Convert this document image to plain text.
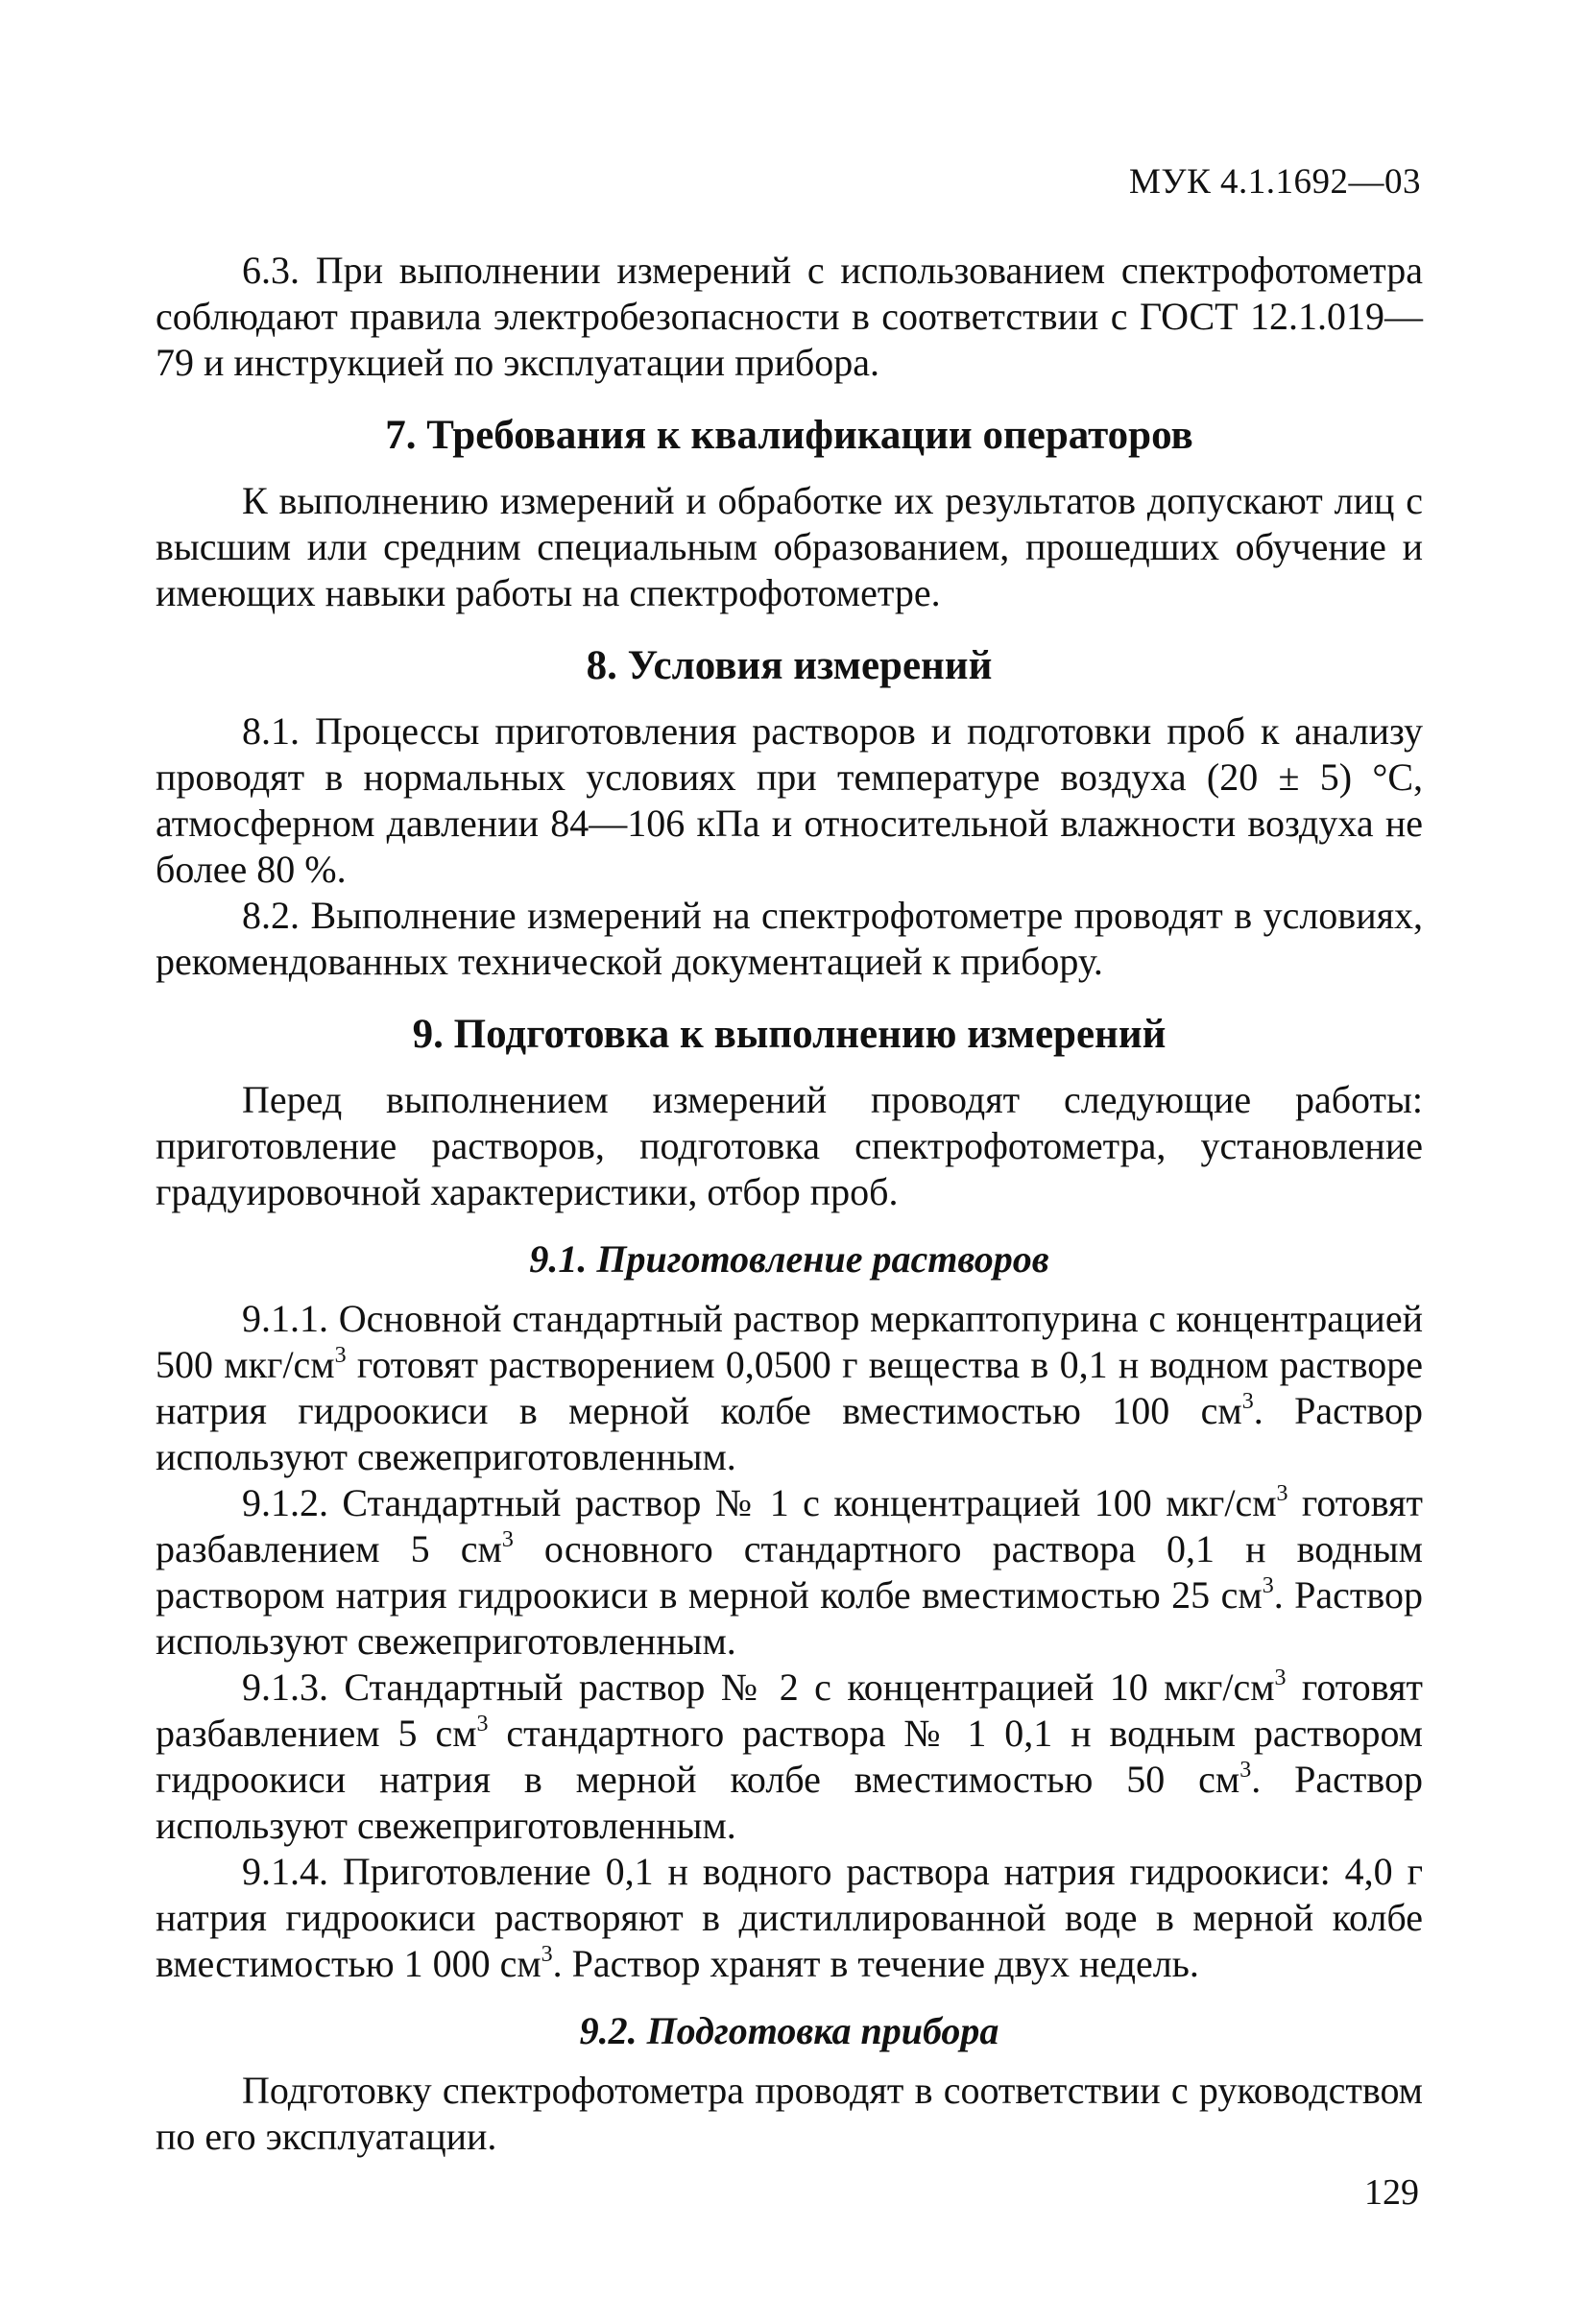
МУК 4.1.1692—03

6.3. При выполнении измерений с использованием спектрофотометра соблюдают правила электробезопасности в соответствии с ГОСТ 12.1.019—79 и инструкцией по эксплуатации прибора.

7. Требования к квалификации операторов

К выполнению измерений и обработке их результатов допускают лиц с высшим или средним специальным образованием, прошедших обучение и имеющих навыки работы на спектрофотометре.

8. Условия измерений

8.1. Процессы приготовления растворов и подготовки проб к анализу проводят в нормальных условиях при температуре воздуха (20 ± 5) °С, атмосферном давлении 84—106 кПа и относительной влажности воздуха не более 80 %.

8.2. Выполнение измерений на спектрофотометре проводят в условиях, рекомендованных технической документацией к прибору.

9. Подготовка к выполнению измерений

Перед выполнением измерений проводят следующие работы: приготовление растворов, подготовка спектрофотометра, установление градуировочной характеристики, отбор проб.

9.1. Приготовление растворов

9.1.1. Основной стандартный раствор меркаптопурина с концентрацией 500 мкг/$см^3$ готовят растворением 0,0500 г вещества в 0,1 н водном растворе натрия гидроокиси в мерной колбе вместимостью 100 $см^3$. Раствор используют свежеприготовленным.

9.1.2. Стандартный раствор № 1 с концентрацией 100 мкг/$см^3$ готовят разбавлением 5 $см^3$ основного стандартного раствора 0,1 н водным раствором натрия гидроокиси в мерной колбе вместимостью 25 $см^3$. Раствор используют свежеприготовленным.

9.1.3. Стандартный раствор № 2 с концентрацией 10 мкг/$см^3$ готовят разбавлением 5 $см^3$ стандартного раствора № 1 0,1 н водным раствором гидроокиси натрия в мерной колбе вместимостью 50 $см^3$. Раствор используют свежеприготовленным.

9.1.4. Приготовление 0,1 н водного раствора натрия гидроокиси: 4,0 г натрия гидроокиси растворяют в дистиллированной воде в мерной колбе вместимостью 1 000 $см^3$. Раствор хранят в течение двух недель.

9.2. Подготовка прибора

Подготовку спектрофотометра проводят в соответствии с руководством по его эксплуатации.

129
